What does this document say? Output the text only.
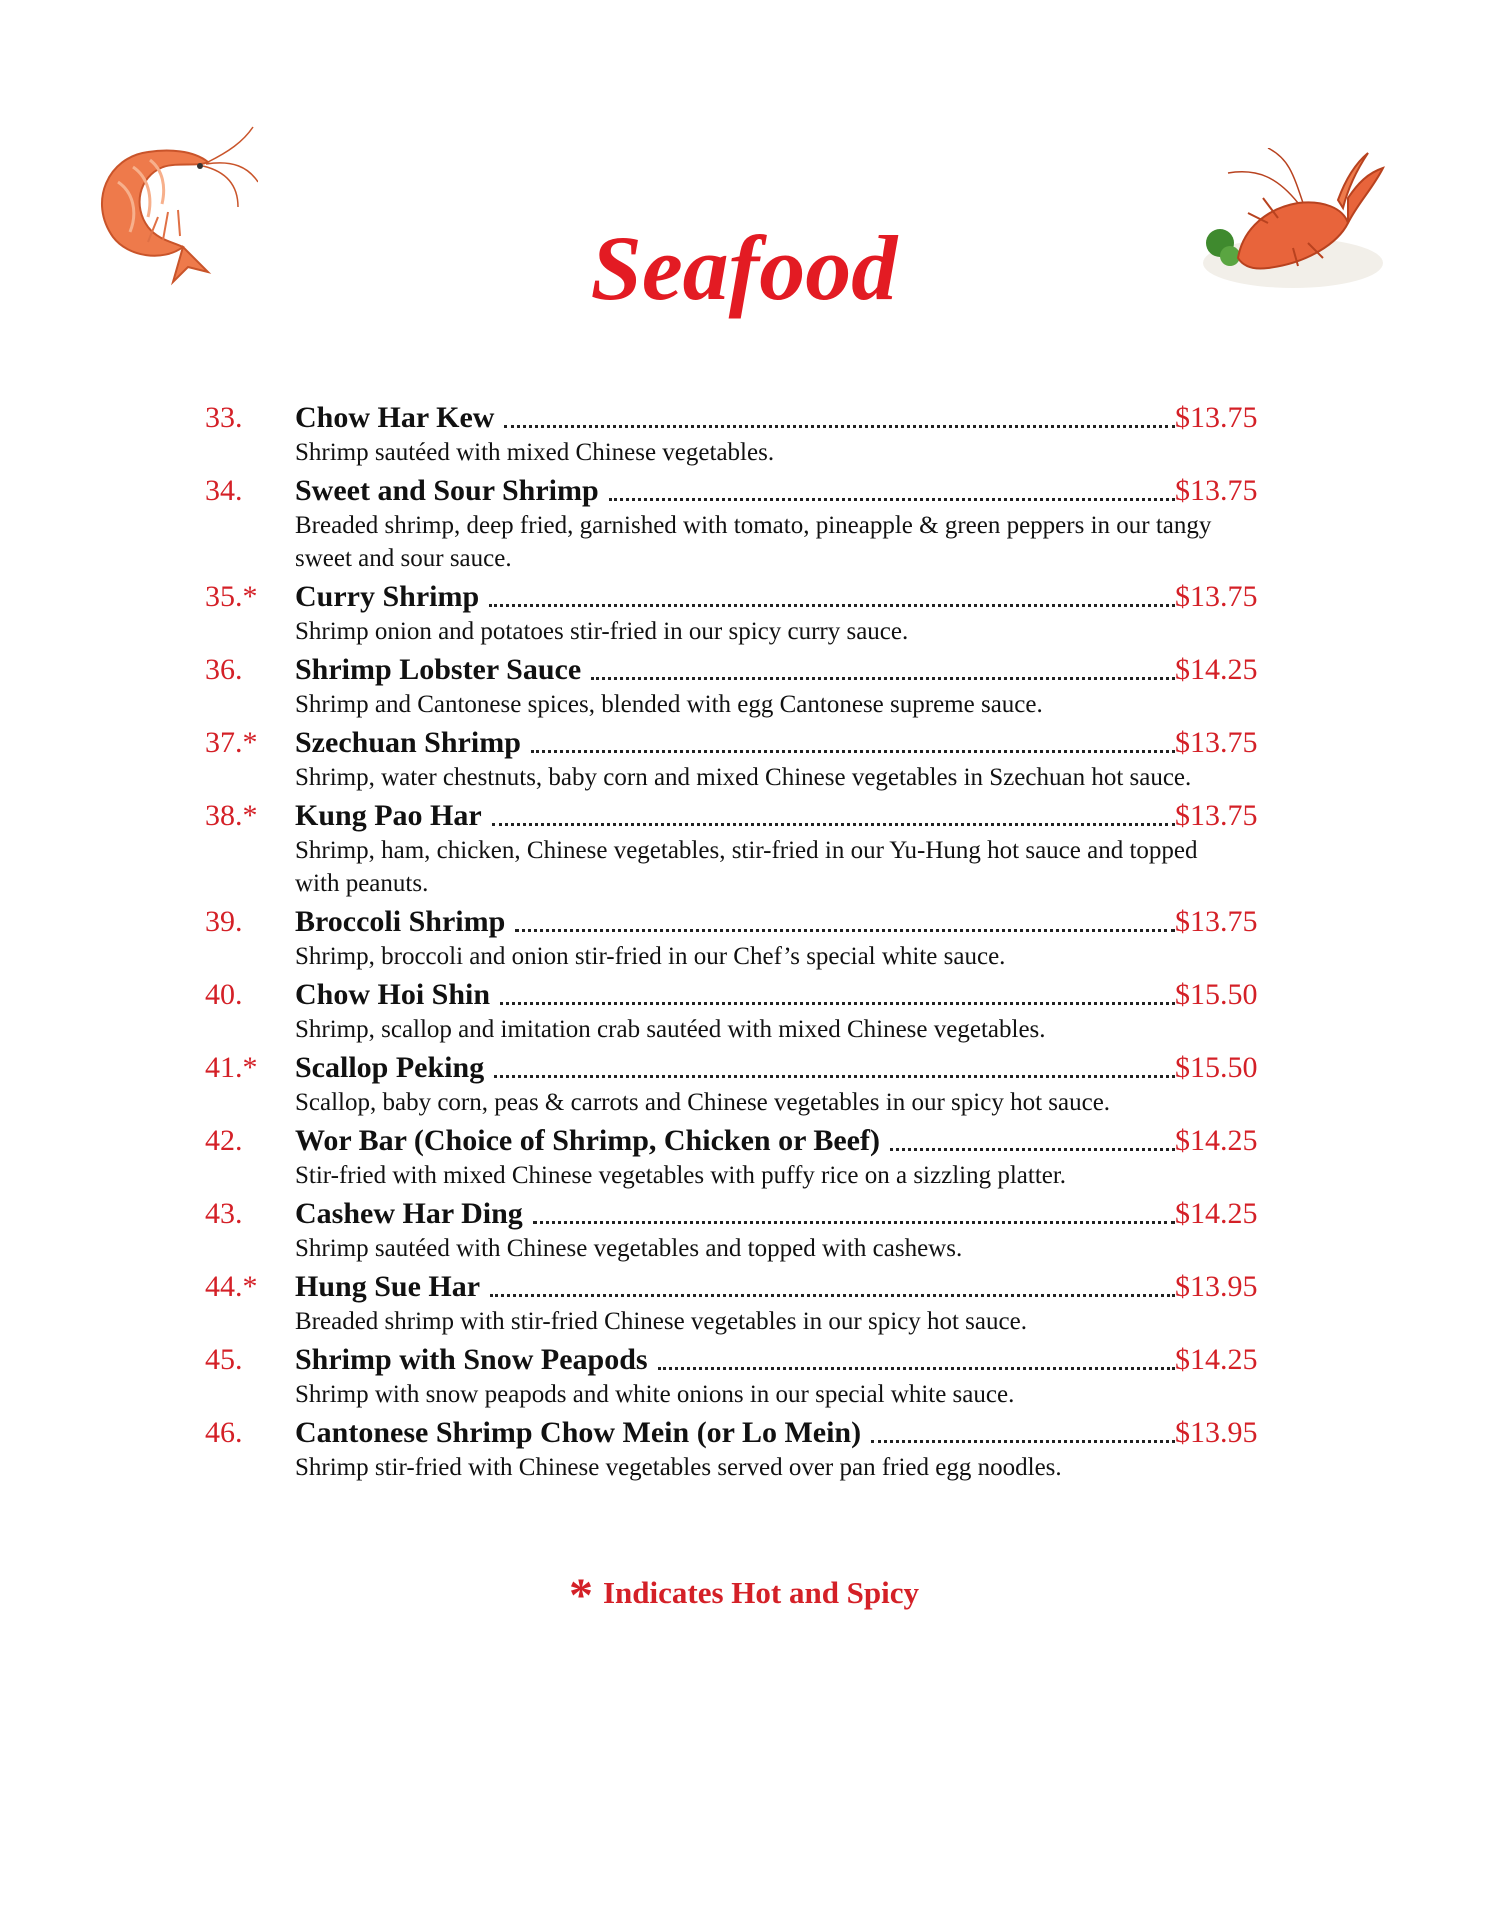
Seafood
33. Chow Har Kew	$13.75
Shrimp sautéed with mixed Chinese vegetables.
34. Sweet and Sour Shrimp	$13.75
Breaded shrimp, deep fried, garnished with tomato, pineapple & green peppers in our tangy sweet and sour sauce.
35.* Curry Shrimp	$13.75
Shrimp onion and potatoes stir-fried in our spicy curry sauce.
36. Shrimp Lobster Sauce	$14.25
Shrimp and Cantonese spices, blended with egg Cantonese supreme sauce.
37.* Szechuan Shrimp	$13.75
Shrimp, water chestnuts, baby corn and mixed Chinese vegetables in Szechuan hot sauce.
38.* Kung Pao Har	$13.75
Shrimp, ham, chicken, Chinese vegetables, stir-fried in our Yu-Hung hot sauce and topped with peanuts.
39. Broccoli Shrimp	$13.75
Shrimp, broccoli and onion stir-fried in our Chef’s special white sauce.
40. Chow Hoi Shin	$15.50
Shrimp, scallop and imitation crab sautéed with mixed Chinese vegetables.
41.* Scallop Peking	$15.50
Scallop, baby corn, peas & carrots and Chinese vegetables in our spicy hot sauce.
42. Wor Bar (Choice of Shrimp, Chicken or Beef)	$14.25
Stir-fried with mixed Chinese vegetables with puffy rice on a sizzling platter.
43. Cashew Har Ding	$14.25
Shrimp sautéed with Chinese vegetables and topped with cashews.
44.* Hung Sue Har	$13.95
Breaded shrimp with stir-fried Chinese vegetables in our spicy hot sauce.
45. Shrimp with Snow Peapods	$14.25
Shrimp with snow peapods and white onions in our special white sauce.
46. Cantonese Shrimp Chow Mein (or Lo Mein)	$13.95
Shrimp stir-fried with Chinese vegetables served over pan fried egg noodles.
* Indicates Hot and Spicy
